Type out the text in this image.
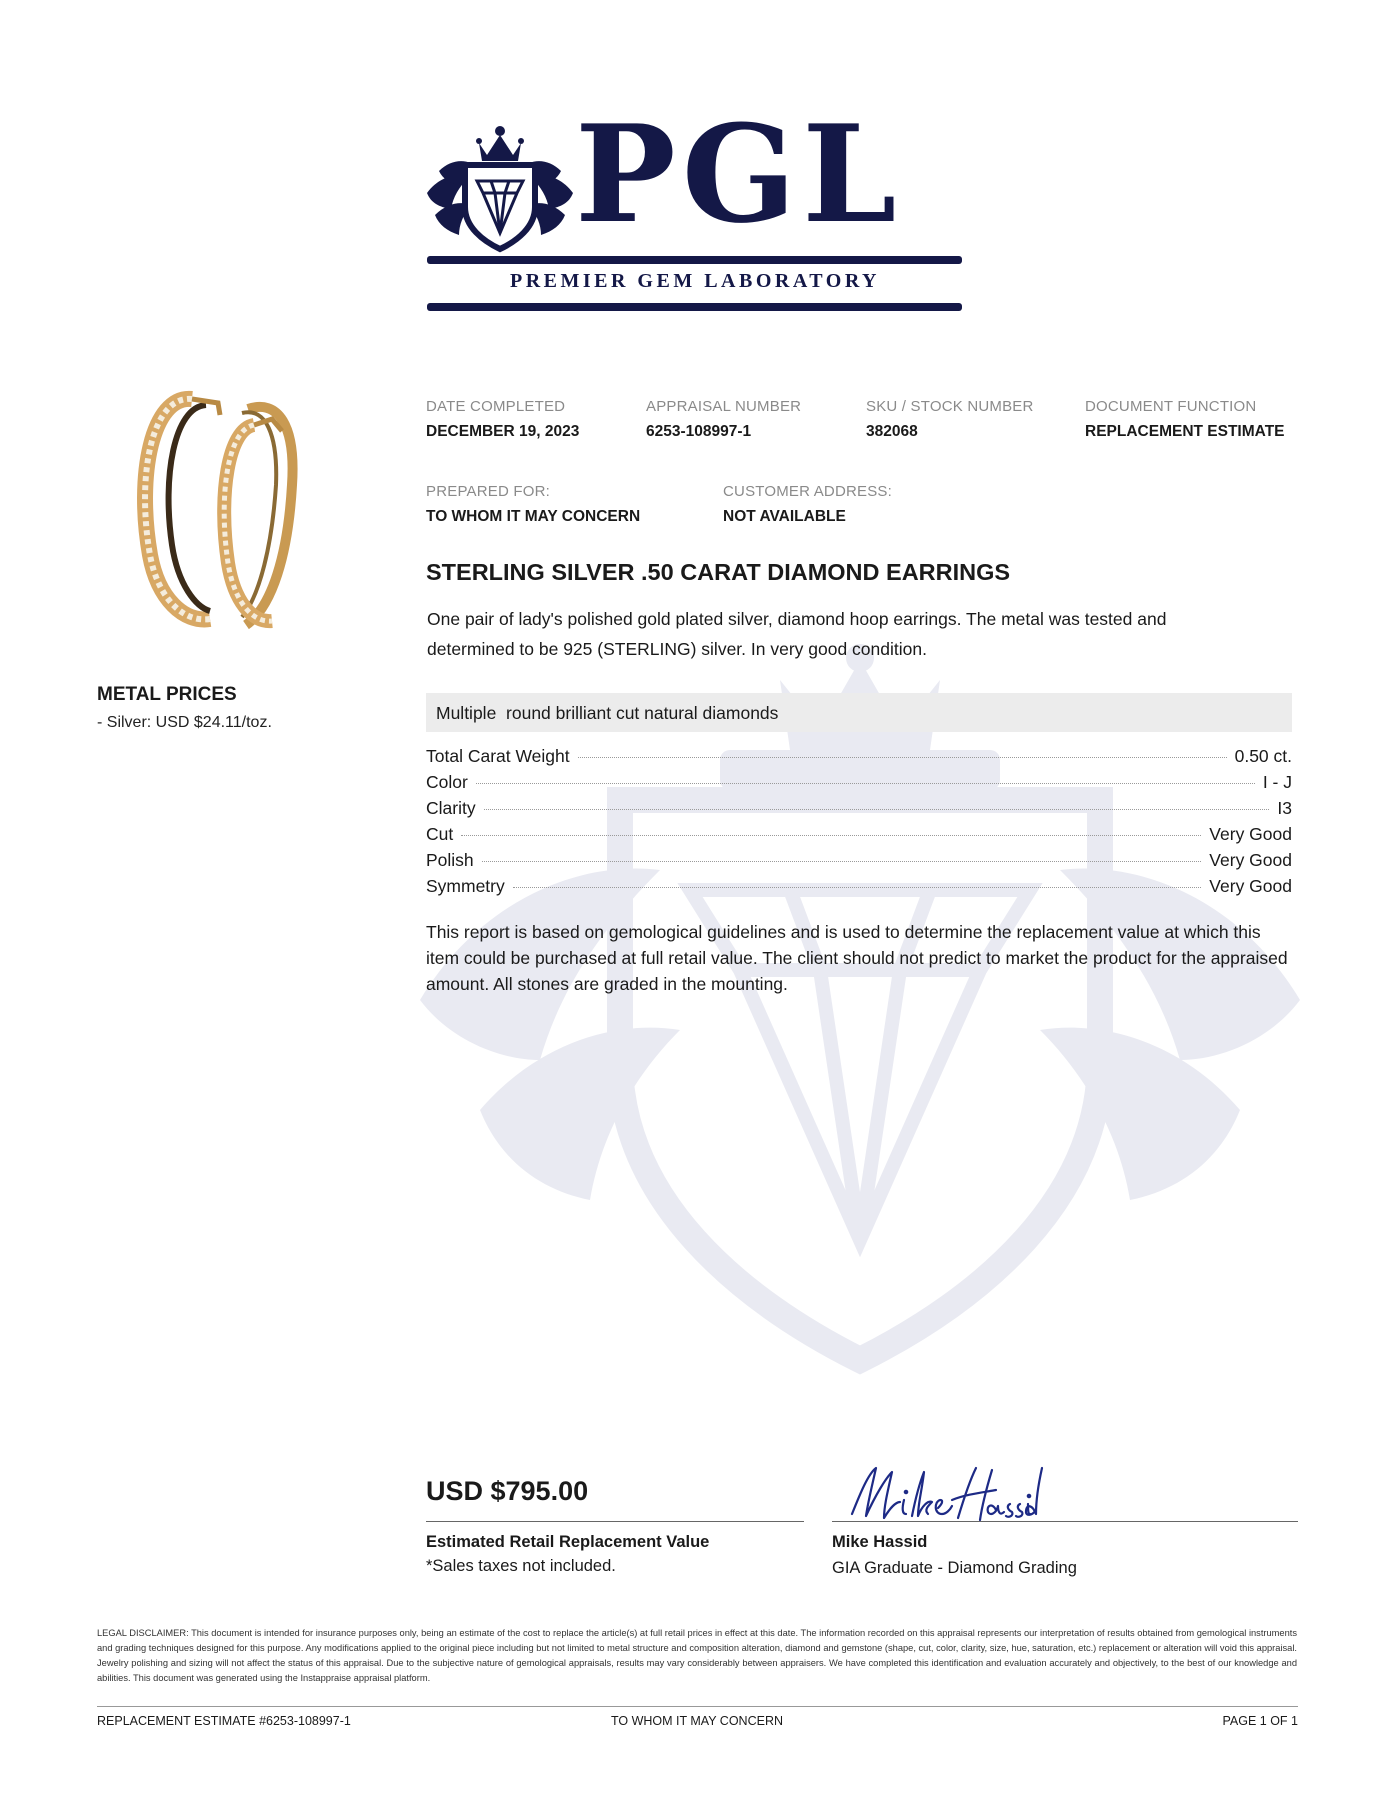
PGL
PREMIER GEM LABORATORY
METAL PRICES
- Silver: USD $24.11/toz.
DATE COMPLETED
DECEMBER 19, 2023
APPRAISAL NUMBER
6253-108997-1
SKU / STOCK NUMBER
382068
DOCUMENT FUNCTION
REPLACEMENT ESTIMATE
PREPARED FOR:
TO WHOM IT MAY CONCERN
CUSTOMER ADDRESS:
NOT AVAILABLE
STERLING SILVER .50 CARAT DIAMOND EARRINGS
One pair of lady's polished gold plated silver, diamond hoop earrings. The metal was tested and determined to be 925 (STERLING) silver. In very good condition.
Multiple  round brilliant cut natural diamonds
Total Carat Weight	0.50 ct.
Color	I - J
Clarity	I3
Cut	Very Good
Polish	Very Good
Symmetry	Very Good
This report is based on gemological guidelines and is used to determine the replacement value at which this item could be purchased at full retail value. The client should not predict to market the product for the appraised amount. All stones are graded in the mounting.
USD $795.00
Estimated Retail Replacement Value
*Sales taxes not included.
Mike Hassid
GIA Graduate - Diamond Grading
LEGAL DISCLAIMER: This document is intended for insurance purposes only, being an estimate of the cost to replace the article(s) at full retail prices in effect at this date. The information recorded on this appraisal represents our interpretation of results obtained from gemological instruments and grading techniques designed for this purpose. Any modifications applied to the original piece including but not limited to metal structure and composition alteration, diamond and gemstone (shape, cut, color, clarity, size, hue, saturation, etc.) replacement or alteration will void this appraisal. Jewelry polishing and sizing will not affect the status of this appraisal. Due to the subjective nature of gemological appraisals, results may vary considerably between appraisers. We have completed this identification and evaluation accurately and objectively, to the best of our knowledge and abilities. This document was generated using the Instappraise appraisal platform.
REPLACEMENT ESTIMATE #6253-108997-1	TO WHOM IT MAY CONCERN	PAGE 1 OF 1
